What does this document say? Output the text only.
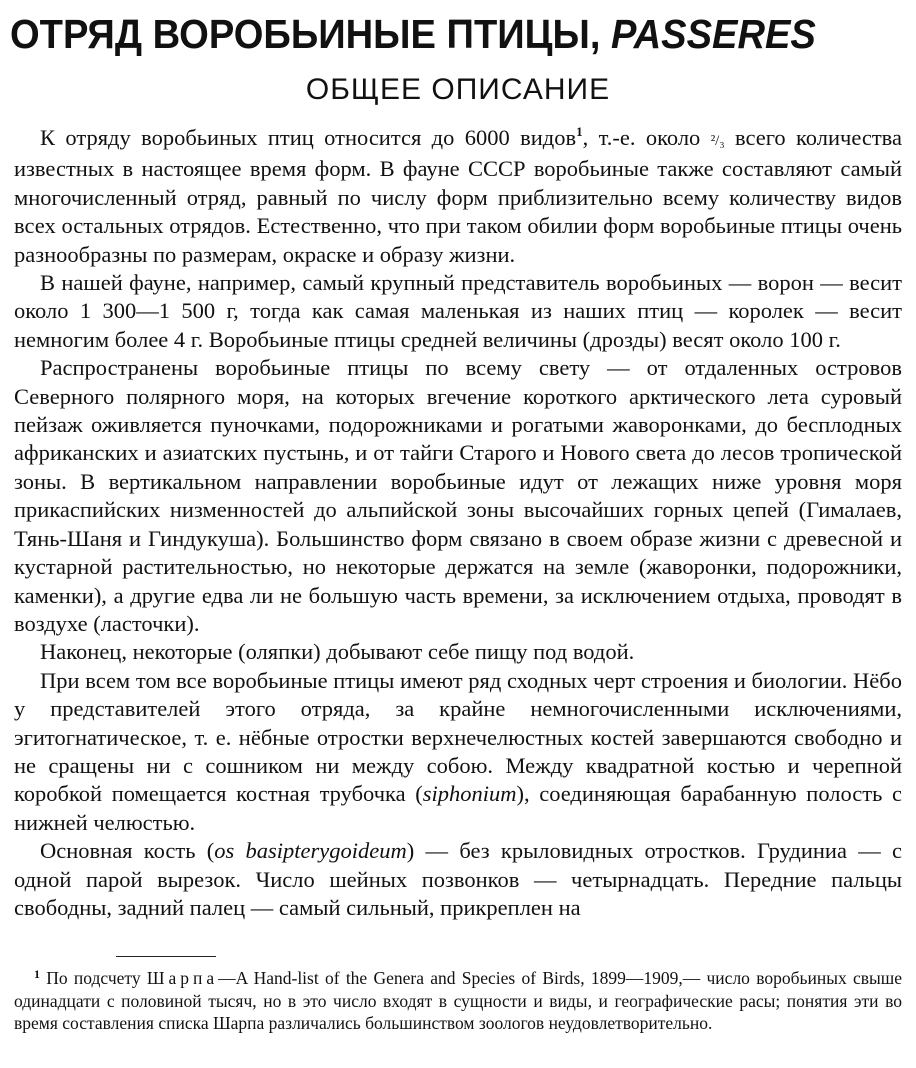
ОТРЯД ВОРОБЬИНЫЕ ПТИЦЫ, PASSERES
ОБЩЕЕ ОПИСАНИЕ

К отряду воробьиных птиц относится до 6000 видов$^1$, т.-е. около ²/₃ всего количества известных в настоящее время форм. В фауне СССР воробьиные также составляют самый многочисленный отряд, равный по числу форм приблизительно всему количеству видов всех остальных отрядов. Естественно, что при таком обилии форм воробьиные птицы очень разнообразны по размерам, окраске и образу жизни.

В нашей фауне, например, самый крупный представитель воробьиных — ворон — весит около 1 300—1 500 г, тогда как самая маленькая из наших птиц — королек — весит немногим более 4 г. Воробьиные птицы средней величины (дрозды) весят около 100 г.

Распространены воробьиные птицы по всему свету — от отдаленных островов Северного полярного моря, на которых вгечение короткого арктического лета суровый пейзаж оживляется пуночками, подорожниками и рогатыми жаворонками, до бесплодных африканских и азиатских пустынь, и от тайги Старого и Нового света до лесов тропической зоны. В вертикальном направлении воробьиные идут от лежащих ниже уровня моря прикаспийских низменностей до альпийской зоны высочайших горных цепей (Гималаев, Тянь-Шаня и Гиндукуша). Большинство форм связано в своем образе жизни с древесной и кустарной растительностью, но некоторые держатся на земле (жаворонки, подорожники, каменки), а другие едва ли не большую часть времени, за исключением отдыха, проводят в воздухе (ласточки).

Наконец, некоторые (оляпки) добывают себе пищу под водой.

При всем том все воробьиные птицы имеют ряд сходных черт строения и биологии. Нёбо у представителей этого отряда, за крайне немногочисленными исключениями, эгитогнатическое, т. е. нёбные отростки верхнечелюстных костей завершаются свободно и не сращены ни с сошником ни между собою. Между квадратной костью и черепной коробкой помещается костная трубочка (siphonium), соединяющая барабанную полость с нижней челюстью.

Основная кость (os basipterygoideum) — без крыловидных отростков. Грудиниа — с одной парой вырезок. Число шейных позвонков — четырнадцать. Передние пальцы свободны, задний палец — самый сильный, прикреплен на

$^1$ По подсчету Шарпа—A Hand-list of the Genera and Species of Birds, 1899—1909,— число воробьиных свыше одинадцати с половиной тысяч, но в это число входят в сущности и виды, и географические расы; понятия эти во время составления списка Шарпа различались большинством зоологов неудовлетворительно.
